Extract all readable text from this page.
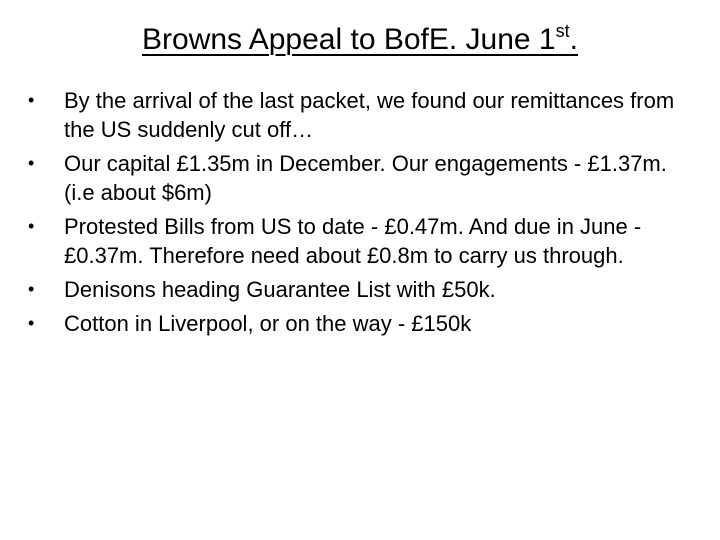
Browns Appeal to BofE. June 1st.
• By the arrival of the last packet, we found our remittances from the US suddenly cut off…
• Our capital £1.35m in December. Our engagements - £1.37m. (i.e about $6m)
• Protested Bills from US to date - £0.47m. And due in June - £0.37m. Therefore need about £0.8m to carry us through.
• Denisons heading Guarantee List with £50k.
• Cotton in Liverpool, or on the way - £150k
